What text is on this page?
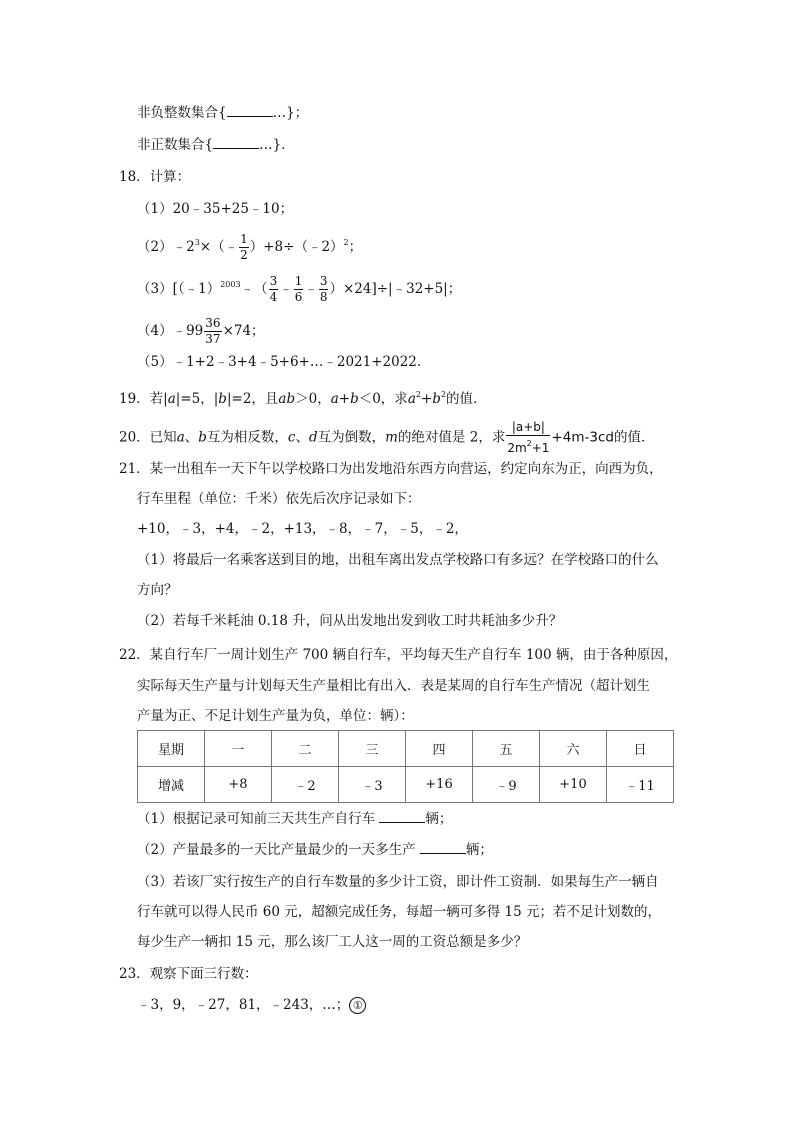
非负整数集合{	…}；
非正数集合{	…}．
18．计算：
（1）20﹣35+25﹣10；
$(2)﹣2^3\times(﹣ \frac{1}{2}$ ）+8÷（﹣2）$^2$；
（3）[（﹣1）$^{2003}$﹣（ $\frac{3}{4}$ ﹣ $\frac{1}{6}$ ﹣ $\frac{3}{8}$ ）×24]÷|﹣32+5|；
（4）﹣99 $\frac{36}{37} \times 74$；
（5）﹣1+2﹣3+4﹣5+6+…﹣2021+2022．
19．若|a|=5，|b|=2，且ab＞0，a+b＜0，求$a^2+b^2$的值．
20．已知a、b互为相反数，c、d互为倒数，m的绝对值是 2，求 $\frac{|a+b|}{2m^2+1} +4m-3cd$的值．
21．某一出租车一天下午以学校路口为出发地沿东西方向营运，约定向东为正，向西为负，
行车里程（单位：千米）依先后次序记录如下：
+10，﹣3，+4，﹣2，+13，﹣8，﹣7，﹣5，﹣2，
（1）将最后一名乘客送到目的地，出租车离出发点学校路口有多远？在学校路口的什么
方向？
（2）若每千米耗油 0.18 升，问从出发地出发到收工时共耗油多少升？
22．某自行车厂一周计划生产 700 辆自行车，平均每天生产自行车 100 辆，由于各种原因，
实际每天生产量与计划每天生产量相比有出入．表是某周的自行车生产情况（超计划生
产量为正、不足计划生产量为负，单位：辆）：
星期	一	二	三	四	五	六	日
增减	+8	﹣2	﹣3	+16	﹣9	+10	﹣11
（1）根据记录可知前三天共生产自行车	辆；
（2）产量最多的一天比产量最少的一天多生产	辆；
（3）若该厂实行按生产的自行车数量的多少计工资，即计件工资制．如果每生产一辆自
行车就可以得人民币 60 元，超额完成任务，每超一辆可多得 15 元；若不足计划数的，
每少生产一辆扣 15 元，那么该厂工人这一周的工资总额是多少？
23．观察下面三行数：
﹣3，9，﹣27，81，﹣243，…； ①
